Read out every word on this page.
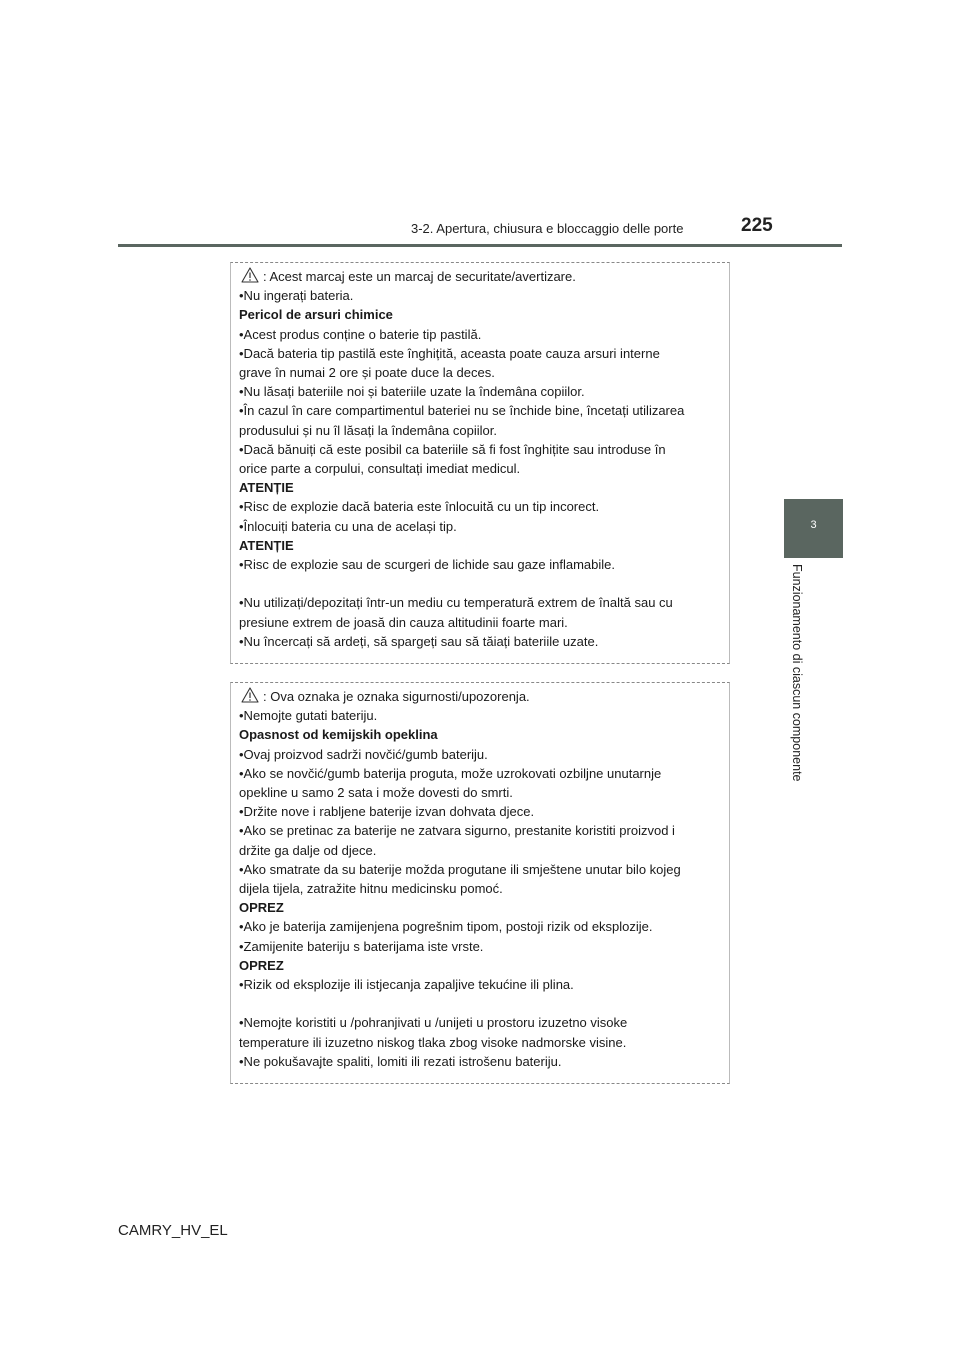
3-2. Apertura, chiusura e bloccaggio delle porte	225
3
Funzionamento di ciascun componente
: Acest marcaj este un marcaj de securitate/avertizare.
•Nu ingerați bateria.
Pericol de arsuri chimice
•Acest produs conține o baterie tip pastilă.
•Dacă bateria tip pastilă este înghițită, aceasta poate cauza arsuri interne
grave în numai 2 ore și poate duce la deces.
•Nu lăsați bateriile noi și bateriile uzate la îndemâna copiilor.
•În cazul în care compartimentul bateriei nu se închide bine, încetați utilizarea
produsului și nu îl lăsați la îndemâna copiilor.
•Dacă bănuiți că este posibil ca bateriile să fi fost înghițite sau introduse în
orice parte a corpului, consultați imediat medicul.
ATENȚIE
•Risc de explozie dacă bateria este înlocuită cu un tip incorect.
•Înlocuiți bateria cu una de același tip.
ATENȚIE
•Risc de explozie sau de scurgeri de lichide sau gaze inflamabile.
•Nu utilizați/depozitați într-un mediu cu temperatură extrem de înaltă sau cu
presiune extrem de joasă din cauza altitudinii foarte mari.
•Nu încercați să ardeți, să spargeți sau să tăiați bateriile uzate.
: Ova oznaka je oznaka sigurnosti/upozorenja.
•Nemojte gutati bateriju.
Opasnost od kemijskih opeklina
•Ovaj proizvod sadrži novčić/gumb bateriju.
•Ako se novčić/gumb baterija proguta, može uzrokovati ozbiljne unutarnje
opekline u samo 2 sata i može dovesti do smrti.
•Držite nove i rabljene baterije izvan dohvata djece.
•Ako se pretinac za baterije ne zatvara sigurno, prestanite koristiti proizvod i
držite ga dalje od djece.
•Ako smatrate da su baterije možda progutane ili smještene unutar bilo kojeg
dijela tijela, zatražite hitnu medicinsku pomoć.
OPREZ
•Ako je baterija zamijenjena pogrešnim tipom, postoji rizik od eksplozije.
•Zamijenite bateriju s baterijama iste vrste.
OPREZ
•Rizik od eksplozije ili istjecanja zapaljive tekućine ili plina.
•Nemojte koristiti u /pohranjivati u /unijeti u prostoru izuzetno visoke
temperature ili izuzetno niskog tlaka zbog visoke nadmorske visine.
•Ne pokušavajte spaliti, lomiti ili rezati istrošenu bateriju.
CAMRY_HV_EL
